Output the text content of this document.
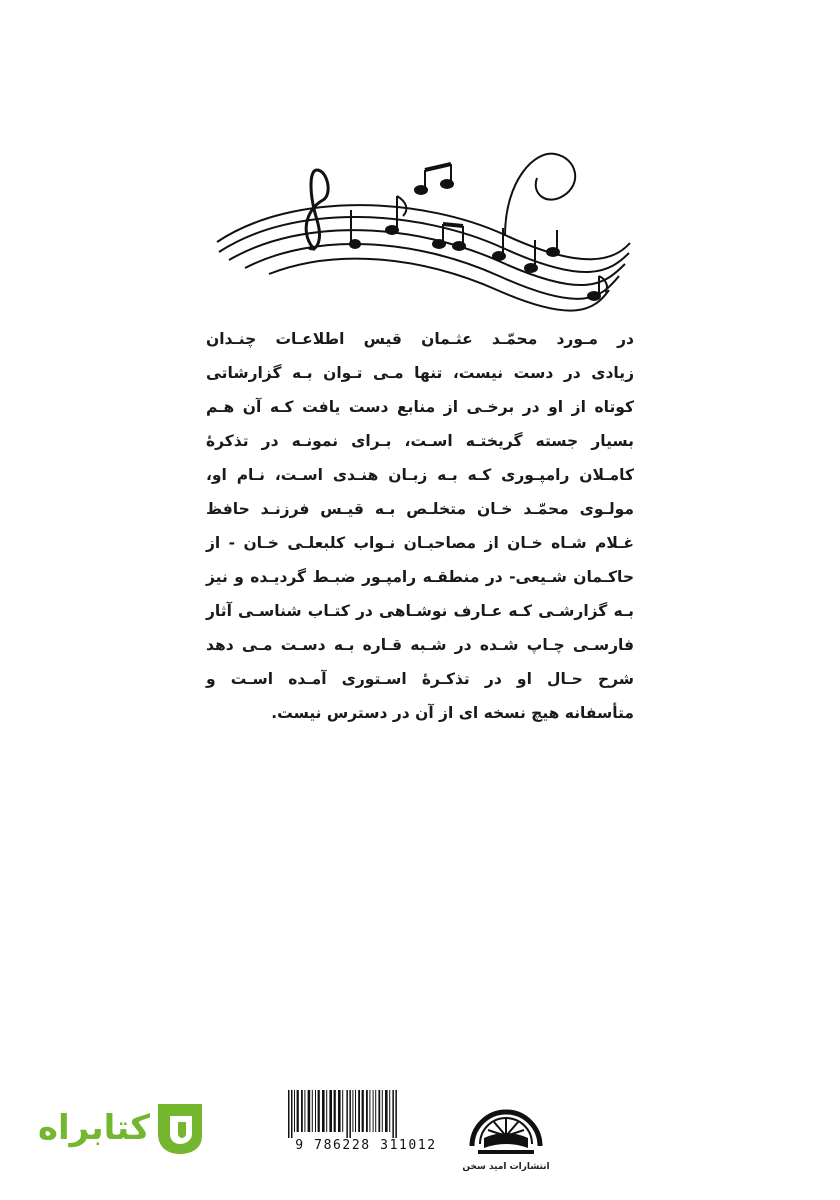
در مـورد محمّـد عثـمان قیس اطلاعـات چنـدان
زیادی در دست نیست، تنها مـی تـوان بـه گزارشاتی
کوتاه از او در برخـی از منابع دست یافت کـه آن هـم
بسیار جسته گریختـه اسـت، بـرای نمونـه در تذکرۀ
کامـلان رامپـوری کـه بـه زبـان هنـدی اسـت، نـام او،
مولـوی محمّـد خـان متخلـص بـه قیـس فرزنـد حافظ
غـلام شـاه خـان از مصاحبـان نـواب کلبعلـی خـان - از
حاکـمان شـیعی- در منطقـه رامپـور ضبـط گردیـده و نیز
بـه گزارشـی کـه عـارف نوشـاهی در کتـاب شناسـی آثار
فارسـی چـاپ شـده در شـبه قـاره بـه دسـت مـی دهد
شرح حـال او در تذکـرۀ اسـتوری آمـده اسـت و
متأسفانه هیچ نسخه ای از آن در دسترس نیست.
9 786228 311012
انتشارات امید سخن
کتابراه
